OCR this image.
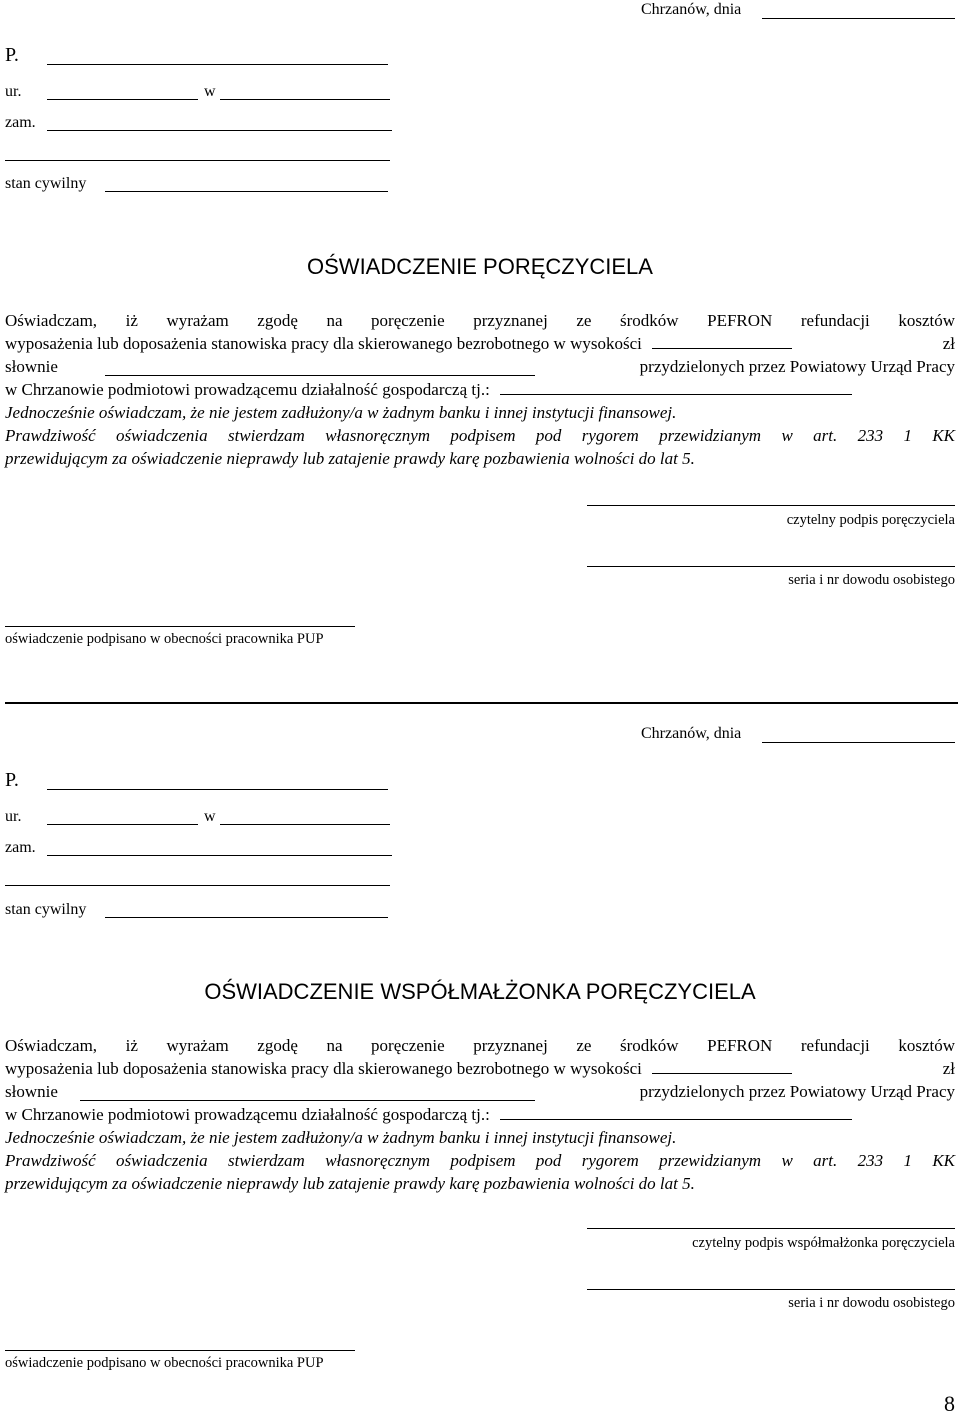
Chrzanów, dnia
P.
ur.	w
zam.
stan cywilny
OŚWIADCZENIE PORĘCZYCIELA
Oświadczam, iż wyrażam zgodę na poręczenie przyznanej ze środków PEFRON refundacji kosztów
wyposażenia lub doposażenia stanowiska pracy dla skierowanego bezrobotnego w wysokości	zł
słownie	przydzielonych przez Powiatowy Urząd Pracy
w Chrzanowie podmiotowi prowadzącemu działalność gospodarczą tj.:
Jednocześnie oświadczam, że nie jestem zadłużony/a w żadnym banku i innej instytucji finansowej.
Prawdziwość oświadczenia stwierdzam własnoręcznym podpisem pod rygorem przewidzianym w art. 233 1 KK
przewidującym za oświadczenie nieprawdy lub zatajenie prawdy karę pozbawienia wolności do lat 5.
czytelny podpis poręczyciela
seria i nr dowodu osobistego
oświadczenie podpisano w obecności pracownika PUP
Chrzanów, dnia
P.
ur.	w
zam.
stan cywilny
OŚWIADCZENIE WSPÓŁMAŁŻONKA PORĘCZYCIELA
Oświadczam, iż wyrażam zgodę na poręczenie przyznanej ze środków PEFRON refundacji kosztów
wyposażenia lub doposażenia stanowiska pracy dla skierowanego bezrobotnego w wysokości	zł
słownie	przydzielonych przez Powiatowy Urząd Pracy
w Chrzanowie podmiotowi prowadzącemu działalność gospodarczą tj.:
Jednocześnie oświadczam, że nie jestem zadłużony/a w żadnym banku i innej instytucji finansowej.
Prawdziwość oświadczenia stwierdzam własnoręcznym podpisem pod rygorem przewidzianym w art. 233 1 KK
przewidującym za oświadczenie nieprawdy lub zatajenie prawdy karę pozbawienia wolności do lat 5.
czytelny podpis współmałżonka poręczyciela
seria i nr dowodu osobistego
oświadczenie podpisano w obecności pracownika PUP
8
